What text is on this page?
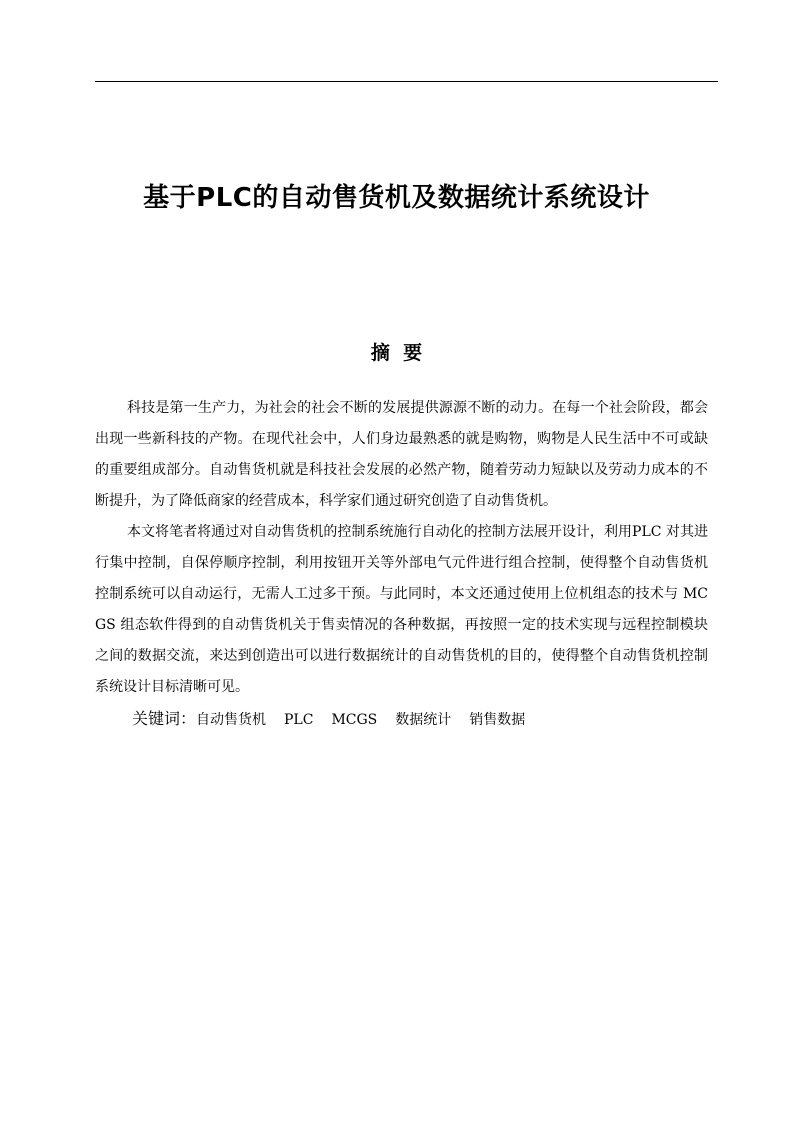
基于PLC的自动售货机及数据统计系统设计
摘  要

科技是第一生产力，为社会的社会不断的发展提供源源不断的动力。在每一个社会阶段，都会出现一些新科技的产物。在现代社会中，人们身边最熟悉的就是购物，购物是人民生活中不可或缺的重要组成部分。自动售货机就是科技社会发展的必然产物，随着劳动力短缺以及劳动力成本的不断提升，为了降低商家的经营成本，科学家们通过研究创造了自动售货机。

本文将笔者将通过对自动售货机的控制系统施行自动化的控制方法展开设计，利用PLC 对其进行集中控制，自保停顺序控制，利用按钮开关等外部电气元件进行组合控制，使得整个自动售货机控制系统可以自动运行，无需人工过多干预。与此同时，本文还通过使用上位机组态的技术与 MCGS 组态软件得到的自动售货机关于售卖情况的各种数据，再按照一定的技术实现与远程控制模块之间的数据交流，来达到创造出可以进行数据统计的自动售货机的目的，使得整个自动售货机控制系统设计目标清晰可见。

关键词：自动售货机 PLC MCGS 数据统计 销售数据
